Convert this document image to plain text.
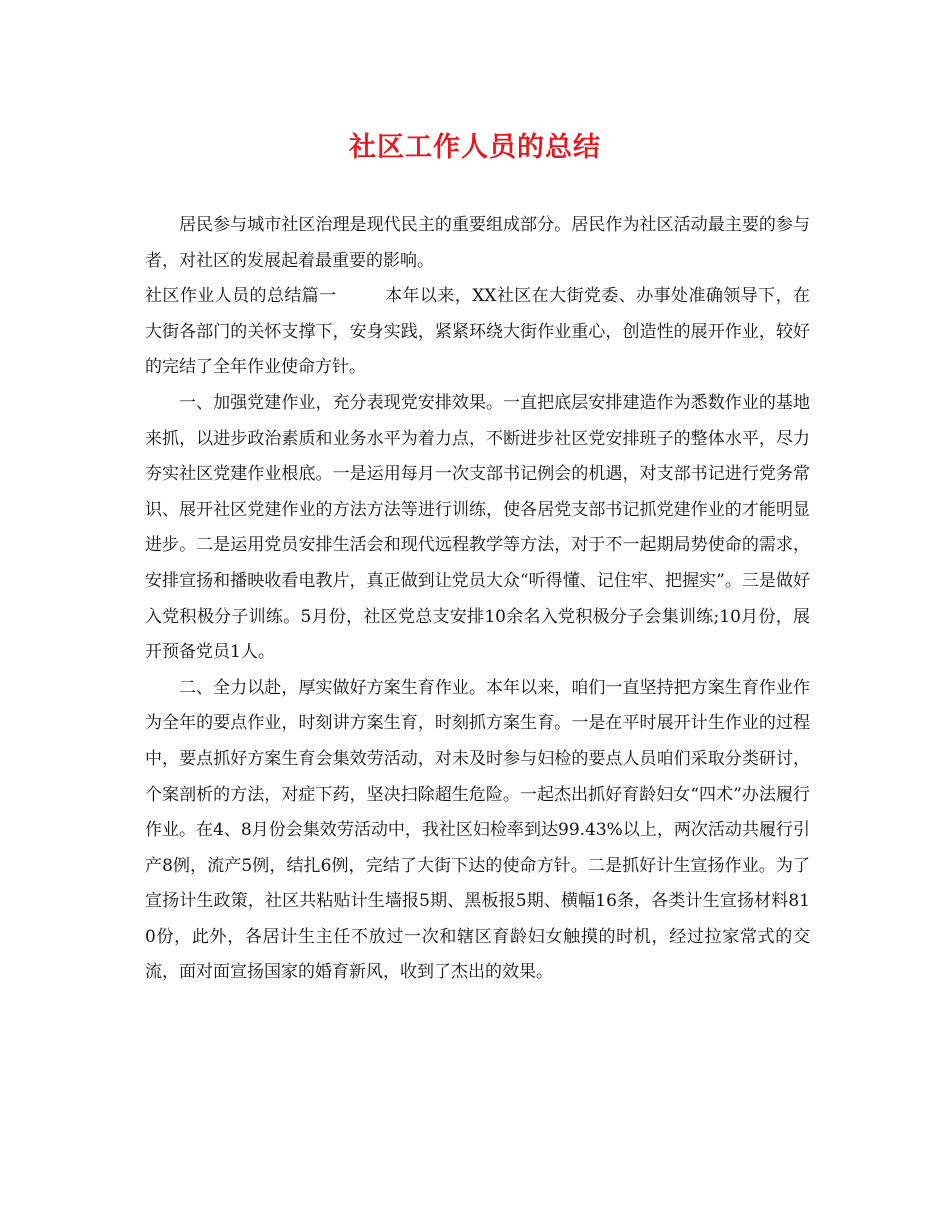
社区工作人员的总结

居民参与城市社区治理是现代民主的重要组成部分。居民作为社区活动最主要的参与者，对社区的发展起着最重要的影响。

社区作业人员的总结篇一	本年以来，XX社区在大街党委、办事处准确领导下，在大街各部门的关怀支撑下，安身实践，紧紧环绕大街作业重心，创造性的展开作业，较好的完结了全年作业使命方针。

一、加强党建作业，充分表现党安排效果。一直把底层安排建造作为悉数作业的基地来抓，以进步政治素质和业务水平为着力点，不断进步社区党安排班子的整体水平，尽力夯实社区党建作业根底。一是运用每月一次支部书记例会的机遇，对支部书记进行党务常识、展开社区党建作业的方法方法等进行训练，使各居党支部书记抓党建作业的才能明显进步。二是运用党员安排生活会和现代远程教学等方法，对于不一起期局势使命的需求，安排宣扬和播映收看电教片，真正做到让党员大众“听得懂、记住牢、把握实”。三是做好入党积极分子训练。5月份，社区党总支安排10余名入党积极分子会集训练;10月份，展开预备党员1人。

二、全力以赴，厚实做好方案生育作业。本年以来，咱们一直坚持把方案生育作业作为全年的要点作业，时刻讲方案生育，时刻抓方案生育。一是在平时展开计生作业的过程中，要点抓好方案生育会集效劳活动，对未及时参与妇检的要点人员咱们采取分类研讨，个案剖析的方法，对症下药，坚决扫除超生危险。一起杰出抓好育龄妇女“四术”办法履行作业。在4、8月份会集效劳活动中，我社区妇检率到达99.43%以上，两次活动共履行引产8例，流产5例，结扎6例，完结了大街下达的使命方针。二是抓好计生宣扬作业。为了宣扬计生政策，社区共粘贴计生墙报5期、黑板报5期、横幅16条，各类计生宣扬材料810份，此外，各居计生主任不放过一次和辖区育龄妇女触摸的时机，经过拉家常式的交流，面对面宣扬国家的婚育新风，收到了杰出的效果。
